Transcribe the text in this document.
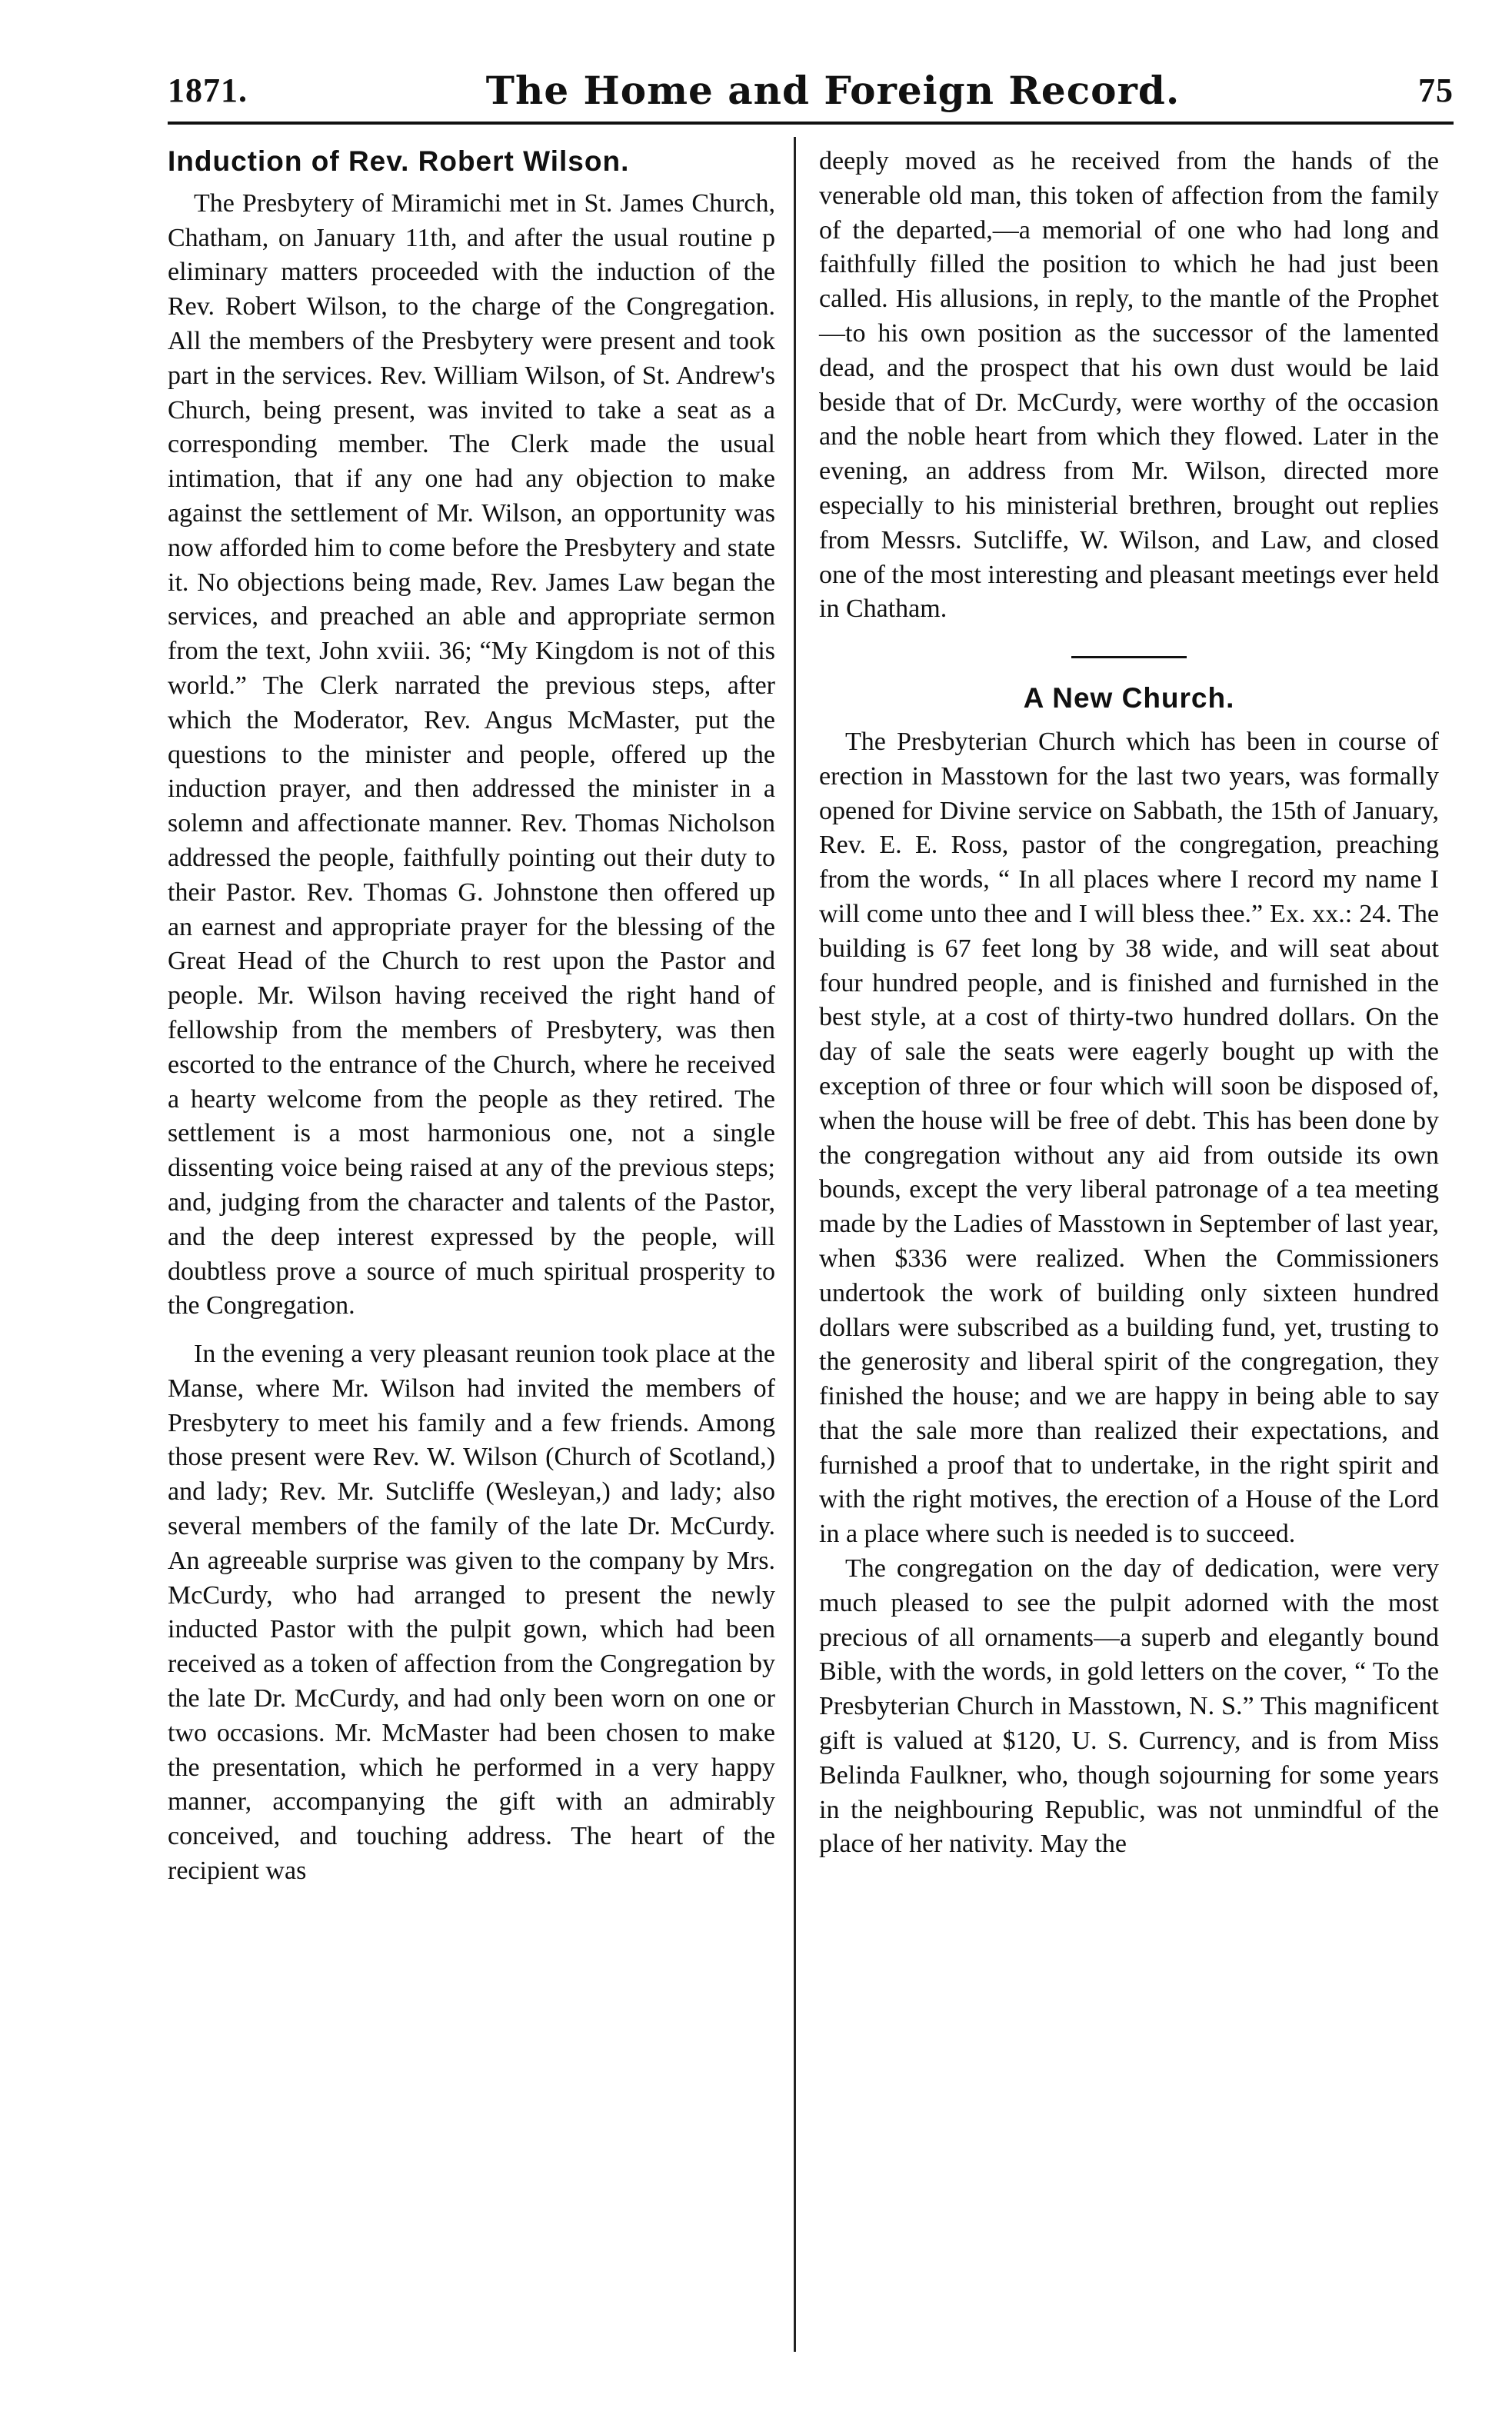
1871.	The Home and Foreign Record.	75
Induction of Rev. Robert Wilson.

The Presbytery of Miramichi met in St. James Church, Chatham, on January 11th, and after the usual routine p eliminary matters proceeded with the induction of the Rev. Robert Wilson, to the charge of the Congregation. All the members of the Presbytery were present and took part in the services. Rev. William Wilson, of St. Andrew's Church, being present, was invited to take a seat as a corresponding member. The Clerk made the usual intimation, that if any one had any objection to make against the settlement of Mr. Wilson, an opportunity was now afforded him to come before the Presbytery and state it. No objections being made, Rev. James Law began the services, and preached an able and appropriate sermon from the text, John xviii. 36; “My Kingdom is not of this world.” The Clerk narrated the previous steps, after which the Moderator, Rev. Angus McMaster, put the questions to the minister and people, offered up the induction prayer, and then addressed the minister in a solemn and affectionate manner. Rev. Thomas Nicholson addressed the people, faithfully pointing out their duty to their Pastor. Rev. Thomas G. Johnstone then offered up an earnest and appropriate prayer for the blessing of the Great Head of the Church to rest upon the Pastor and people. Mr. Wilson having received the right hand of fellowship from the members of Presbytery, was then escorted to the entrance of the Church, where he received a hearty welcome from the people as they retired. The settlement is a most harmonious one, not a single dissenting voice being raised at any of the previous steps; and, judging from the character and talents of the Pastor, and the deep interest expressed by the people, will doubtless prove a source of much spiritual prosperity to the Congregation.

In the evening a very pleasant reunion took place at the Manse, where Mr. Wilson had invited the members of Presbytery to meet his family and a few friends. Among those present were Rev. W. Wilson (Church of Scotland,) and lady; Rev. Mr. Sutcliffe (Wesleyan,) and lady; also several members of the family of the late Dr. McCurdy. An agreeable surprise was given to the company by Mrs. McCurdy, who had arranged to present the newly inducted Pastor with the pulpit gown, which had been received as a token of affection from the Congregation by the late Dr. McCurdy, and had only been worn on one or two occasions. Mr. McMaster had been chosen to make the presentation, which he performed in a very happy manner, accompanying the gift with an admirably conceived, and touching address. The heart of the recipient was

deeply moved as he received from the hands of the venerable old man, this token of affection from the family of the departed,—a memorial of one who had long and faithfully filled the position to which he had just been called. His allusions, in reply, to the mantle of the Prophet—to his own position as the successor of the lamented dead, and the prospect that his own dust would be laid beside that of Dr. McCurdy, were worthy of the occasion and the noble heart from which they flowed. Later in the evening, an address from Mr. Wilson, directed more especially to his ministerial brethren, brought out replies from Messrs. Sutcliffe, W. Wilson, and Law, and closed one of the most interesting and pleasant meetings ever held in Chatham.

A New Church.

The Presbyterian Church which has been in course of erection in Masstown for the last two years, was formally opened for Divine service on Sabbath, the 15th of January, Rev. E. E. Ross, pastor of the congregation, preaching from the words, “ In all places where I record my name I will come unto thee and I will bless thee.” Ex. xx.: 24. The building is 67 feet long by 38 wide, and will seat about four hundred people, and is finished and furnished in the best style, at a cost of thirty-two hundred dollars. On the day of sale the seats were eagerly bought up with the exception of three or four which will soon be disposed of, when the house will be free of debt. This has been done by the congregation without any aid from outside its own bounds, except the very liberal patronage of a tea meeting made by the Ladies of Masstown in September of last year, when $336 were realized. When the Commissioners undertook the work of building only sixteen hundred dollars were subscribed as a building fund, yet, trusting to the generosity and liberal spirit of the congregation, they finished the house; and we are happy in being able to say that the sale more than realized their expectations, and furnished a proof that to undertake, in the right spirit and with the right motives, the erection of a House of the Lord in a place where such is needed is to succeed.

The congregation on the day of dedication, were very much pleased to see the pulpit adorned with the most precious of all ornaments—a superb and elegantly bound Bible, with the words, in gold letters on the cover, “ To the Presbyterian Church in Masstown, N. S.” This magnificent gift is valued at $120, U. S. Currency, and is from Miss Belinda Faulkner, who, though sojourning for some years in the neighbouring Republic, was not unmindful of the place of her nativity. May the
